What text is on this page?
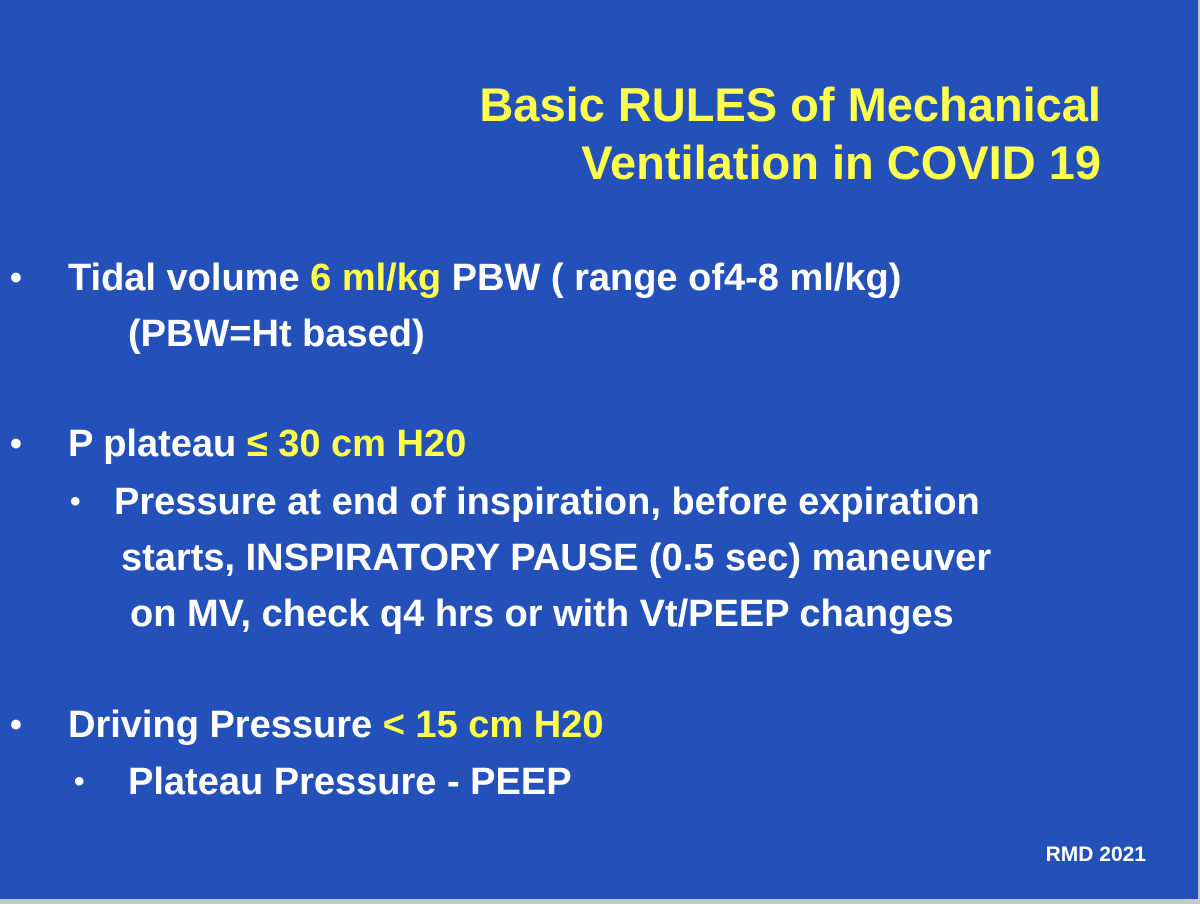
Basic RULES of Mechanical
Ventilation in COVID 19
• Tidal volume 6 ml/kg PBW ( range of4-8 ml/kg)
(PBW=Ht based)
• P plateau ≤ 30 cm H20
• Pressure at end of inspiration, before expiration
starts, INSPIRATORY PAUSE (0.5 sec) maneuver
on MV, check q4 hrs or with Vt/PEEP changes
• Driving Pressure < 15 cm H20
• Plateau Pressure - PEEP
RMD 2021
